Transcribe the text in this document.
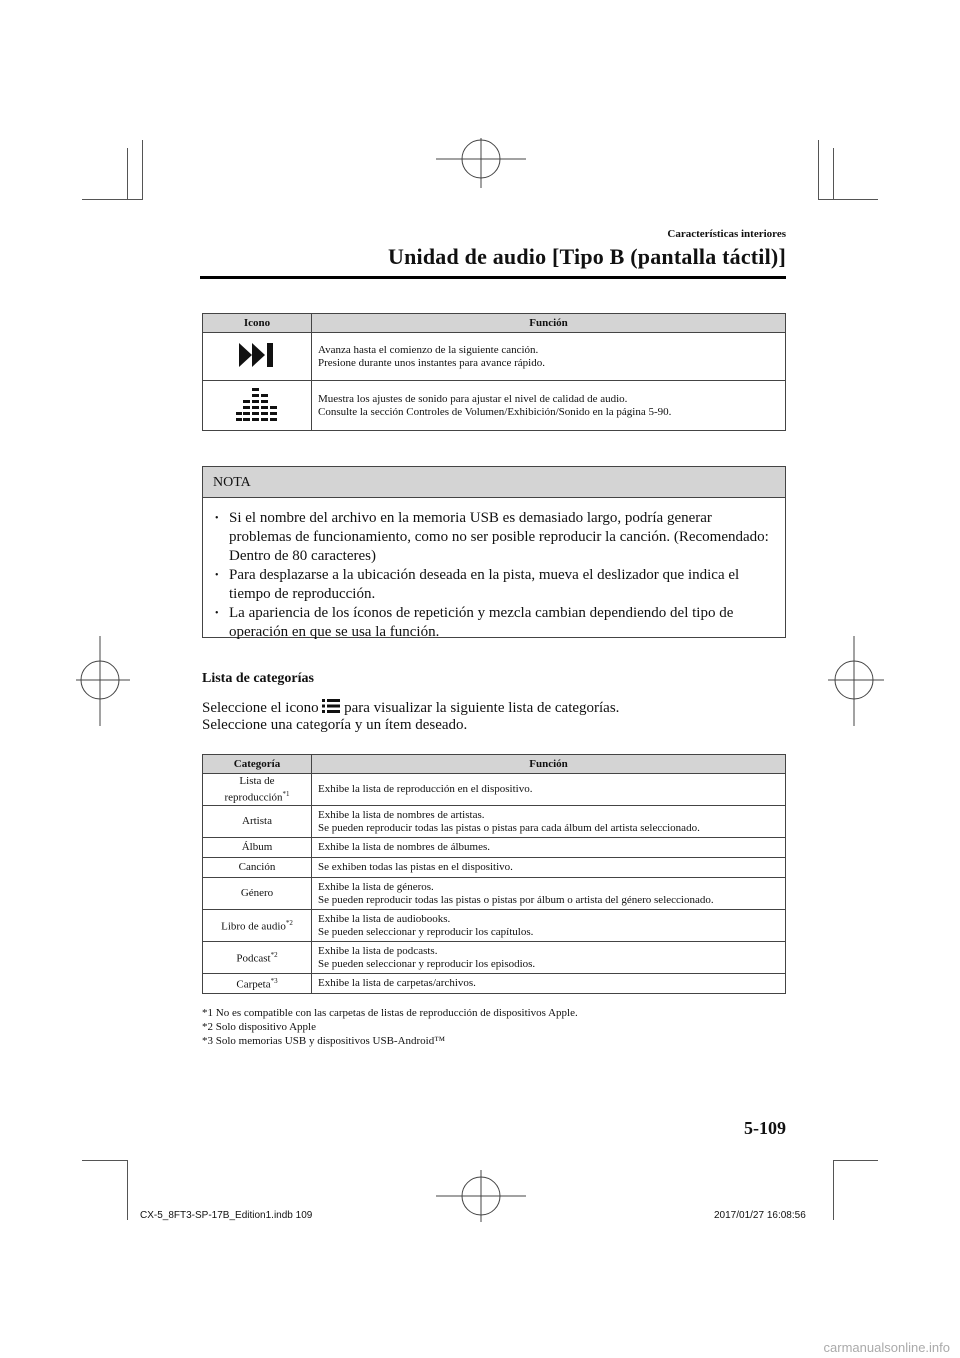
Características interiores
Unidad de audio [Tipo B (pantalla táctil)]
Icono	Función

Avanza hasta el comienzo de la siguiente canción.
Presione durante unos instantes para avance rápido.

Muestra los ajustes de sonido para ajustar el nivel de calidad de audio.
Consulte la sección Controles de Volumen/Exhibición/Sonido en la página 5-90.
NOTA
• Si el nombre del archivo en la memoria USB es demasiado largo, podría generar problemas de funcionamiento, como no ser posible reproducir la canción. (Recomendado: Dentro de 80 caracteres)
• Para desplazarse a la ubicación deseada en la pista, mueva el deslizador que indica el tiempo de reproducción.
• La apariencia de los íconos de repetición y mezcla cambian dependiendo del tipo de operación en que se usa la función.
Lista de categorías
Seleccione el icono para visualizar la siguiente lista de categorías.
Seleccione una categoría y un ítem deseado.
Categoría	Función

Lista de
reproducción$^{*1}$	Exhibe la lista de reproducción en el dispositivo.
Artista	Exhibe la lista de nombres de artistas.
Se pueden reproducir todas las pistas o pistas para cada álbum del artista seleccionado.

Álbum	Exhibe la lista de nombres de álbumes.
Canción	Se exhiben todas las pistas en el dispositivo.
Género	Exhibe la lista de géneros.
Se pueden reproducir todas las pistas o pistas por álbum o artista del género seleccionado.

Libro de audio$^{*2}$	Exhibe la lista de audiobooks.
Se pueden seleccionar y reproducir los capítulos.

Podcast$^{*2}$	Exhibe la lista de podcasts.
Se pueden seleccionar y reproducir los episodios.

Carpeta$^{*3}$	Exhibe la lista de carpetas/archivos.
*1 No es compatible con las carpetas de listas de reproducción de dispositivos Apple.
*2 Solo dispositivo Apple
*3 Solo memorias USB y dispositivos USB-Android™
5-109
CX-5_8FT3-SP-17B_Edition1.indb 109	2017/01/27 16:08:56
carmanualsonline.info
